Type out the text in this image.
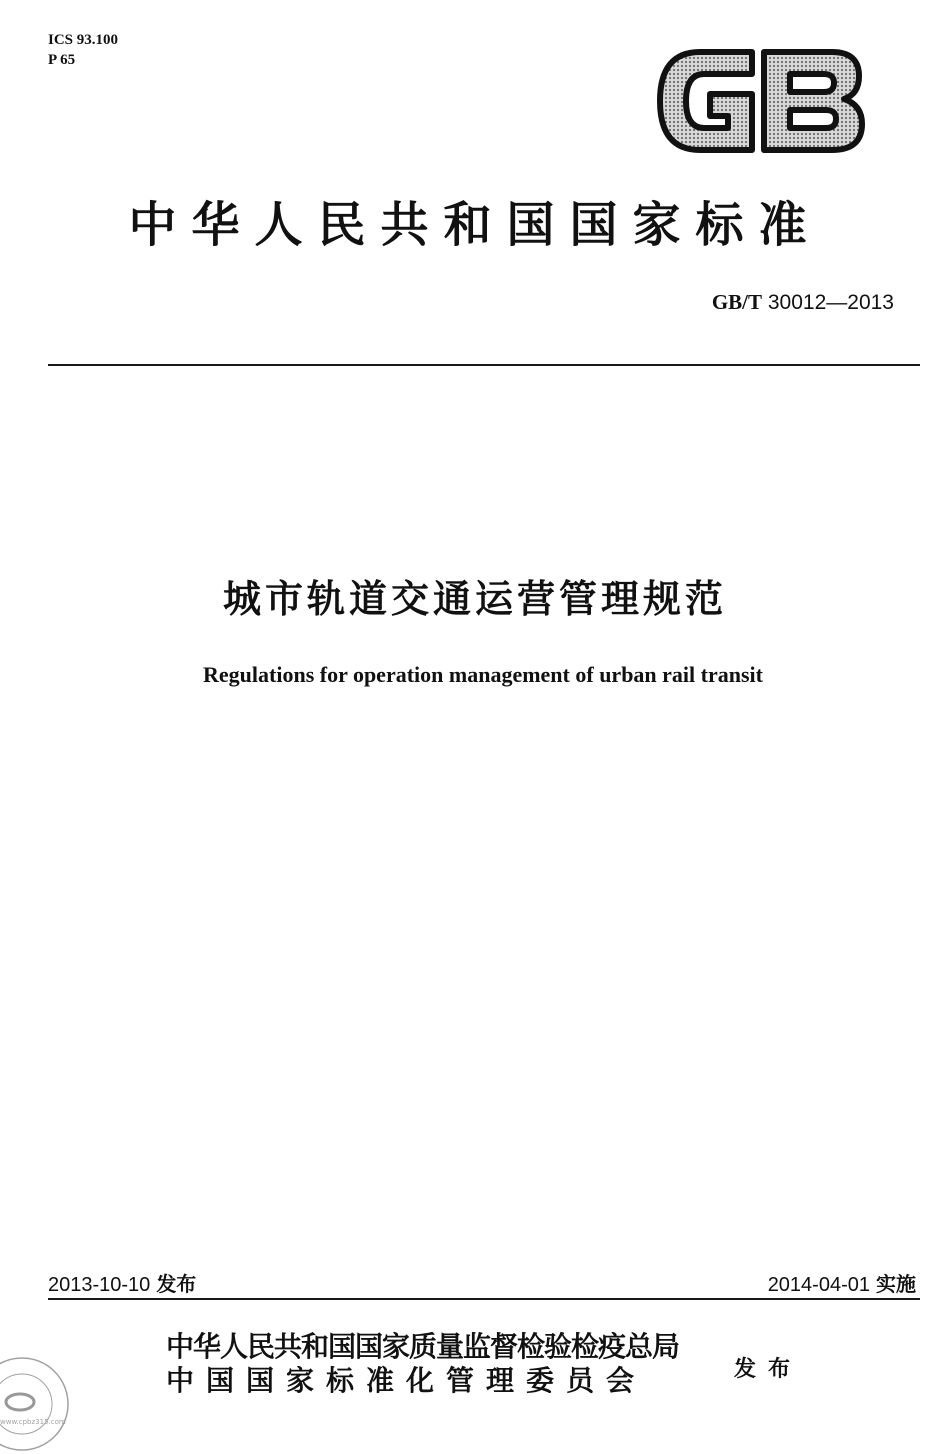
ICS 93.100
P 65
中华人民共和国国家标准
GB/T 30012—2013
城市轨道交通运营管理规范
Regulations for operation management of urban rail transit
2013-10-10 发布	2014-04-01 实施
中华人民共和国国家质量监督检验检疫总局
中国国家标准化管理委员会	发布
www.cpbz315.com
